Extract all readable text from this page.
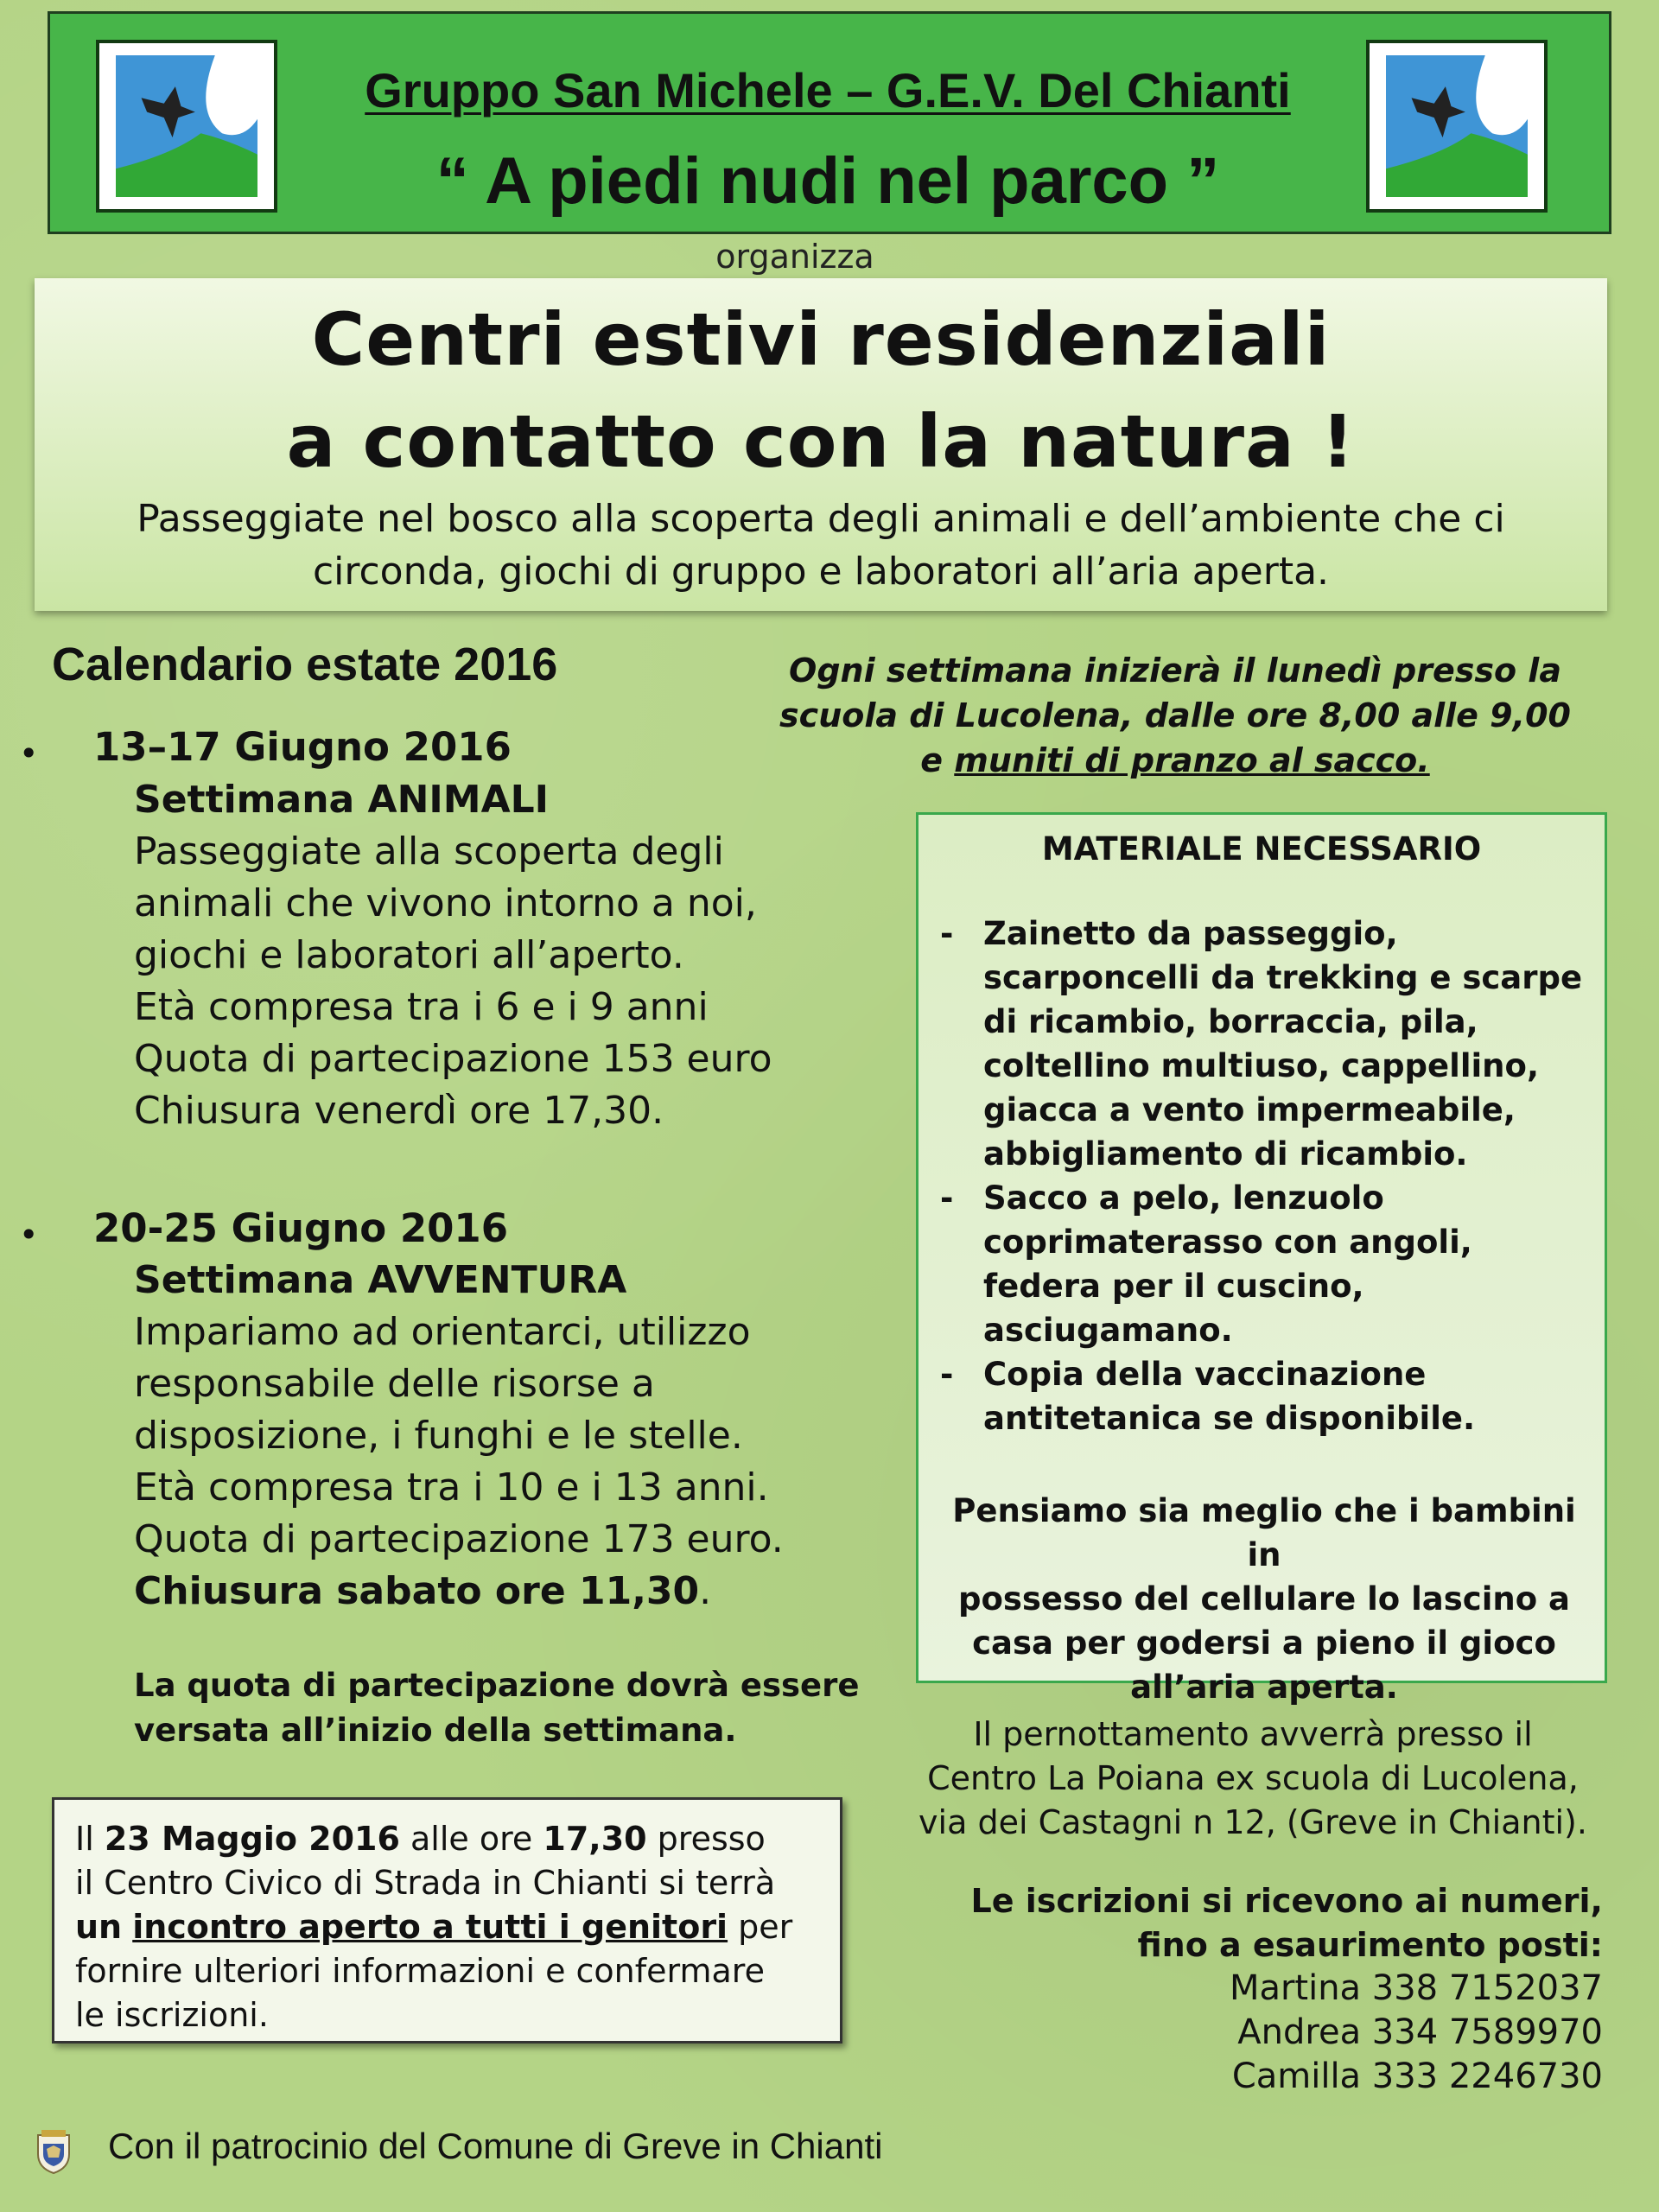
Gruppo San Michele – G.E.V. Del Chianti
“ A piedi nudi nel parco ”
organizza
Centri estivi residenziali
a contatto con la natura !
Passeggiate nel bosco alla scoperta degli animali e dell’ambiente che ci
circonda, giochi di gruppo e laboratori all’aria aperta.
Calendario estate 2016
• 13–17 Giugno 2016
Settimana ANIMALI
Passeggiate alla scoperta degli
animali che vivono intorno a noi,
giochi e laboratori all’aperto.
Età compresa tra i 6 e i 9 anni
Quota di partecipazione 153 euro
Chiusura venerdì ore 17,30.
• 20-25 Giugno 2016
Settimana AVVENTURA
Impariamo ad orientarci, utilizzo
responsabile delle risorse a
disposizione, i funghi e le stelle.
Età compresa tra i 10 e i 13 anni.
Quota di partecipazione 173 euro.
Chiusura sabato ore 11,30.
La quota di partecipazione dovrà essere
versata all’inizio della settimana.
Il 23 Maggio 2016 alle ore 17,30 presso
il Centro Civico di Strada in Chianti si terrà
un incontro aperto a tutti i genitori per
fornire ulteriori informazioni e confermare
le iscrizioni.
Ogni settimana inizierà il lunedì presso la
scuola di Lucolena, dalle ore 8,00 alle 9,00
e muniti di pranzo al sacco.
MATERIALE NECESSARIO
- Zainetto da passeggio,
scarponcelli da trekking e scarpe
di ricambio, borraccia, pila,
coltellino multiuso, cappellino,
giacca a vento impermeabile,
abbigliamento di ricambio.
- Sacco a pelo, lenzuolo
coprimaterasso con angoli,
federa per il cuscino,
asciugamano.
- Copia della vaccinazione
antitetanica se disponibile.
Pensiamo sia meglio che i bambini in
possesso del cellulare lo lascino a
casa per godersi a pieno il gioco
all’aria aperta.
Il pernottamento avverrà presso il
Centro La Poiana ex scuola di Lucolena,
via dei Castagni n 12, (Greve in Chianti).
Le iscrizioni si ricevono ai numeri,
fino a esaurimento posti:
Martina 338 7152037
Andrea 334 7589970
Camilla 333 2246730
Con il patrocinio del Comune di Greve in Chianti
